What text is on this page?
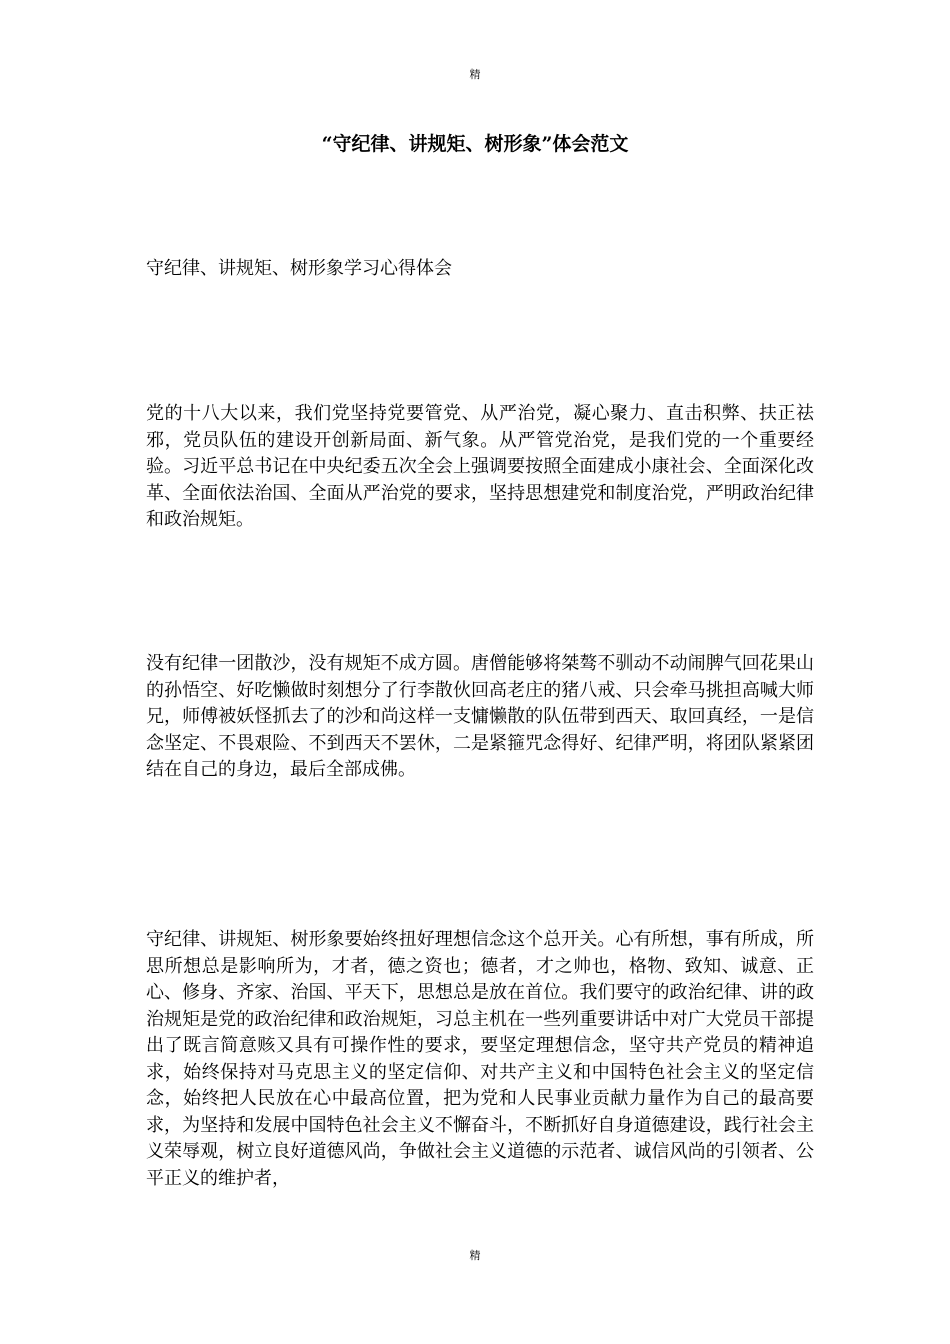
精
“守纪律、讲规矩、树形象”体会范文
守纪律、讲规矩、树形象学习心得体会

党的十八大以来，我们党坚持党要管党、从严治党，凝心聚力、直击积弊、扶正祛邪，党员队伍的建设开创新局面、新气象。从严管党治党，是我们党的一个重要经验。习近平总书记在中央纪委五次全会上强调要按照全面建成小康社会、全面深化改革、全面依法治国、全面从严治党的要求，坚持思想建党和制度治党，严明政治纪律和政治规矩。

没有纪律一团散沙，没有规矩不成方圆。唐僧能够将桀骜不驯动不动闹脾气回花果山的孙悟空、好吃懒做时刻想分了行李散伙回高老庄的猪八戒、只会牵马挑担高喊大师兄，师傅被妖怪抓去了的沙和尚这样一支慵懒散的队伍带到西天、取回真经，一是信念坚定、不畏艰险、不到西天不罢休，二是紧箍咒念得好、纪律严明，将团队紧紧团结在自己的身边，最后全部成佛。

守纪律、讲规矩、树形象要始终扭好理想信念这个总开关。心有所想，事有所成，所思所想总是影响所为，才者，德之资也；德者，才之帅也，格物、致知、诚意、正心、修身、齐家、治国、平天下，思想总是放在首位。我们要守的政治纪律、讲的政治规矩是党的政治纪律和政治规矩，习总主机在一些列重要讲话中对广大党员干部提出了既言简意赅又具有可操作性的要求，要坚定理想信念，坚守共产党员的精神追求，始终保持对马克思主义的坚定信仰、对共产主义和中国特色社会主义的坚定信念，始终把人民放在心中最高位置，把为党和人民事业贡献力量作为自己的最高要求，为坚持和发展中国特色社会主义不懈奋斗，不断抓好自身道德建设，践行社会主义荣辱观，树立良好道德风尚，争做社会主义道德的示范者、诚信风尚的引领者、公平正义的维护者，

精
